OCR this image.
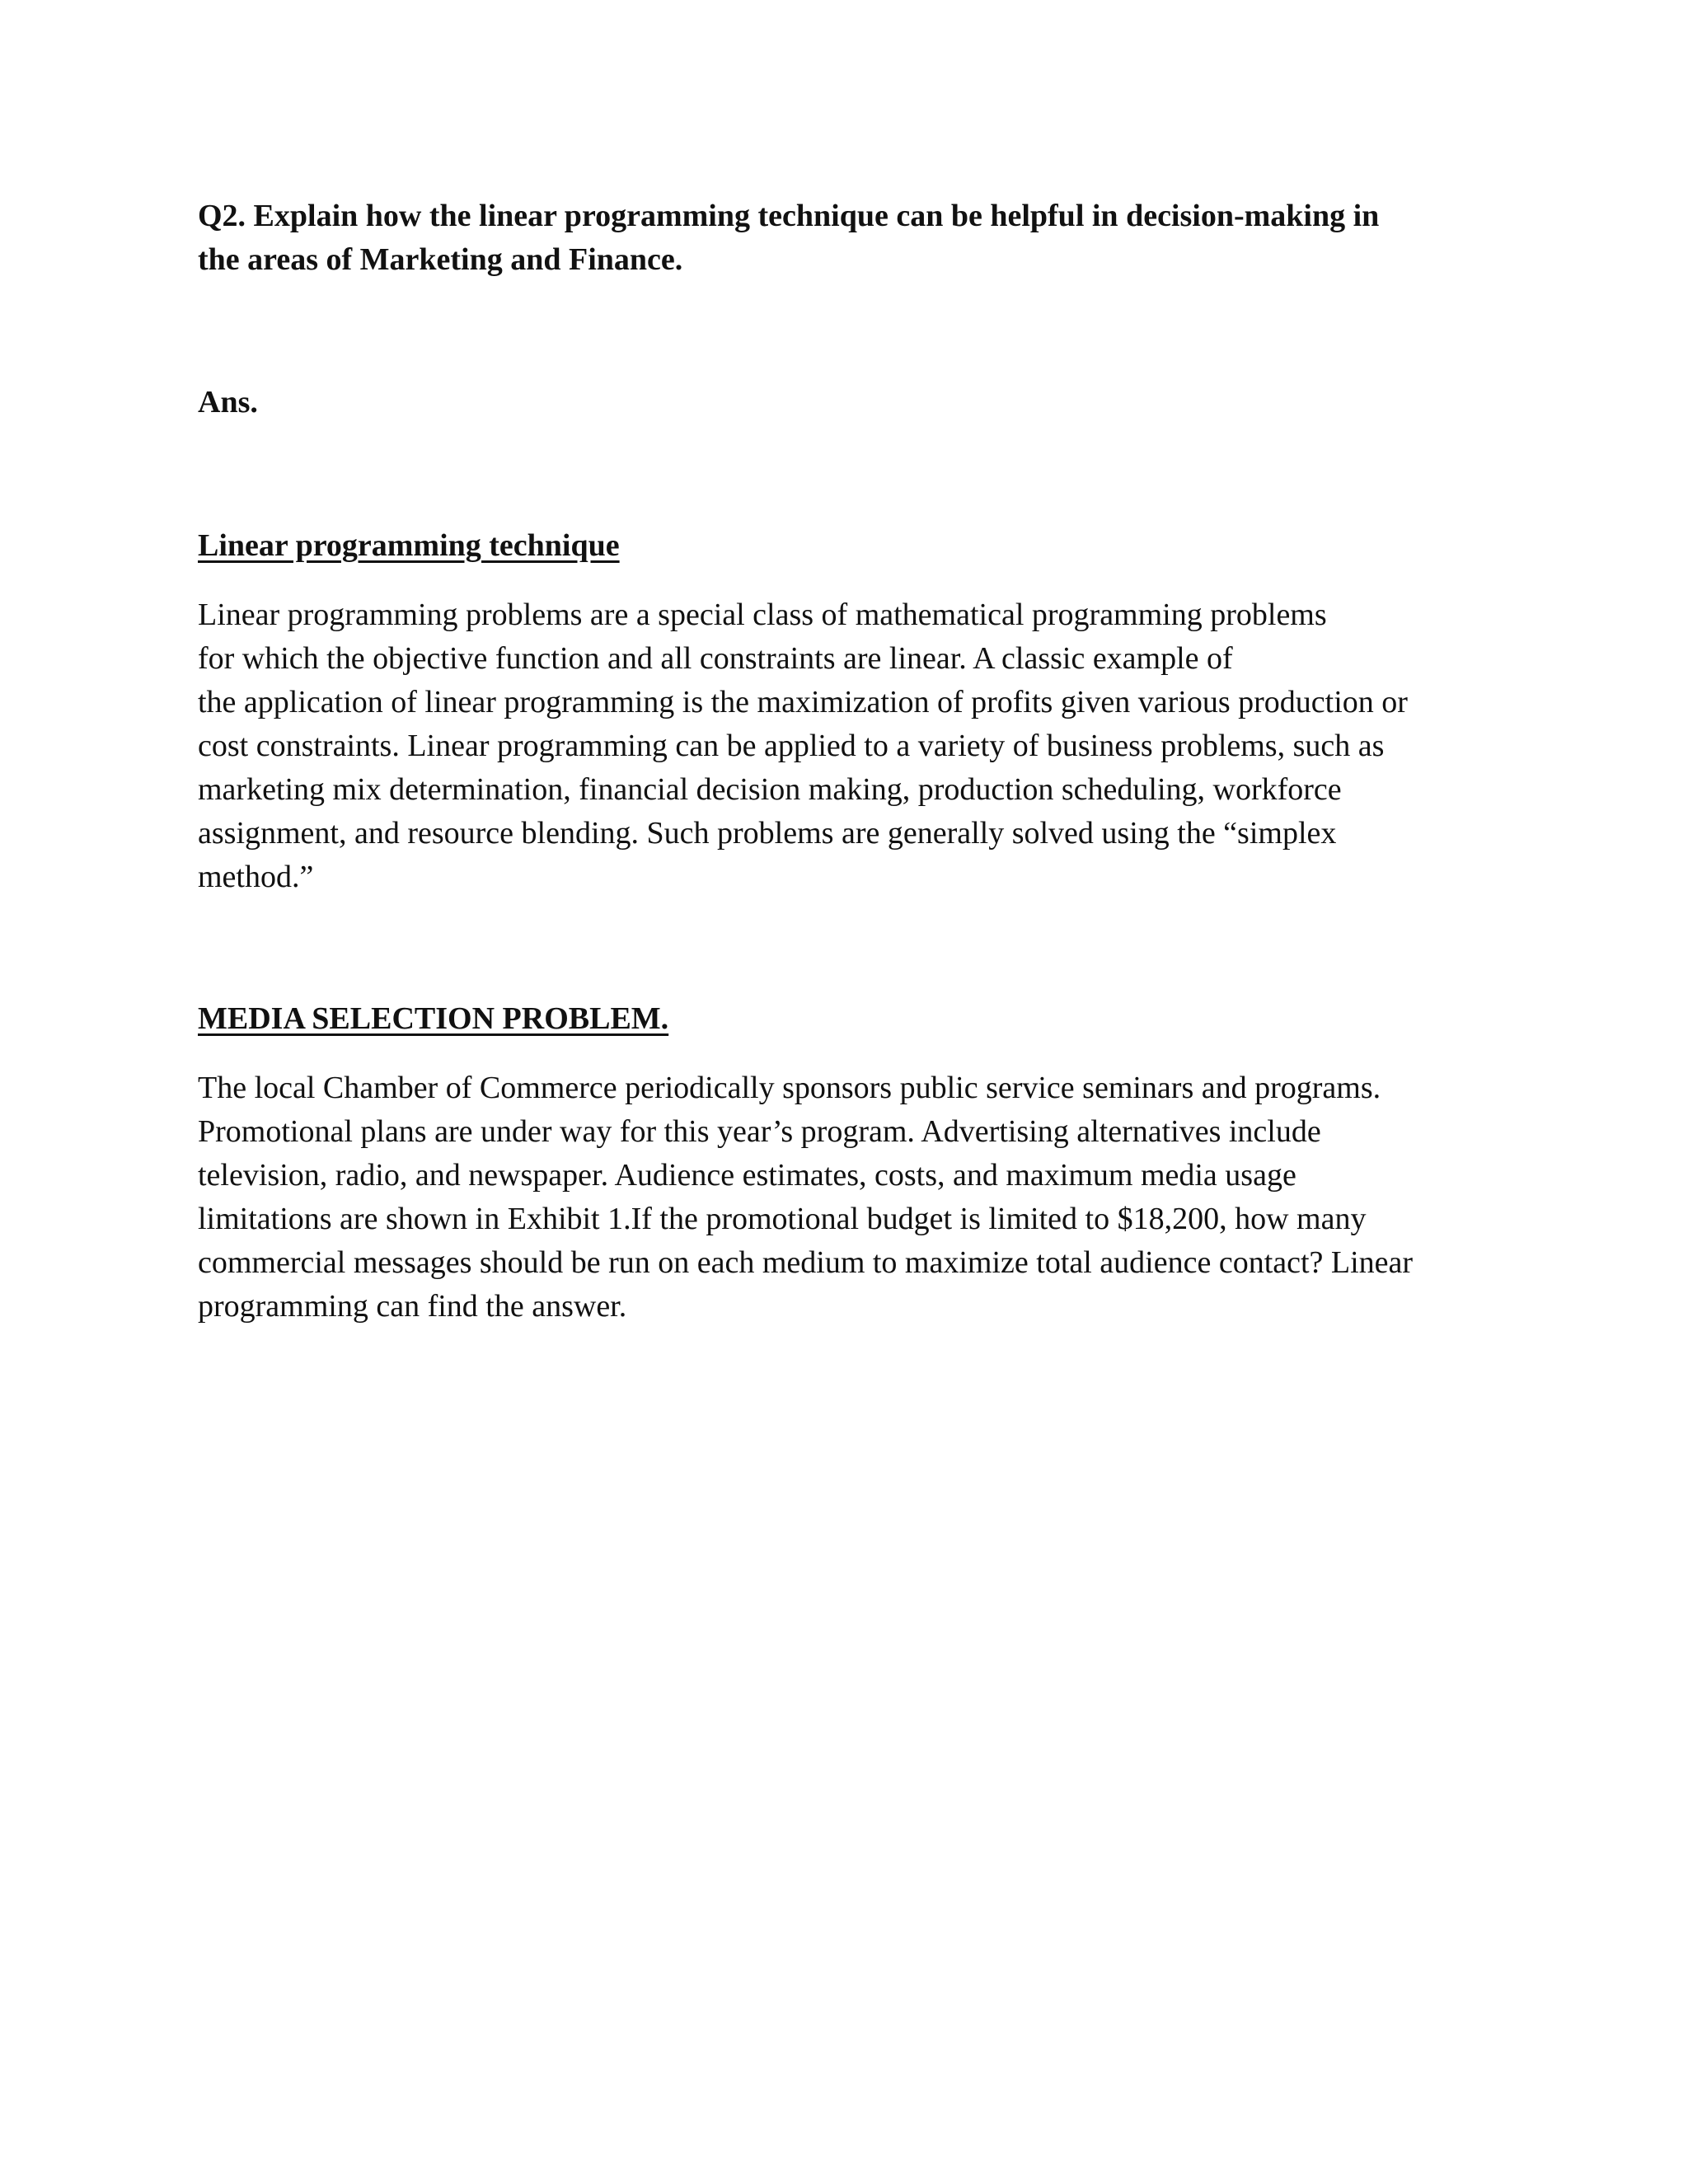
Q2. Explain how the linear programming technique can be helpful in decision-making in
the areas of Marketing and Finance.

Ans.

Linear programming technique

Linear programming problems are a special class of mathematical programming problems
for which the objective function and all constraints are linear. A classic example of
the application of linear programming is the maximization of profits given various production or
cost constraints. Linear programming can be applied to a variety of business problems, such as
marketing mix determination, financial decision making, production scheduling, workforce
assignment, and resource blending. Such problems are generally solved using the “simplex
method.”

MEDIA SELECTION PROBLEM.

The local Chamber of Commerce periodically sponsors public service seminars and programs.
Promotional plans are under way for this year’s program. Advertising alternatives include
television, radio, and newspaper. Audience estimates, costs, and maximum media usage
limitations are shown in Exhibit 1.If the promotional budget is limited to $18,200, how many
commercial messages should be run on each medium to maximize total audience contact? Linear
programming can find the answer.
